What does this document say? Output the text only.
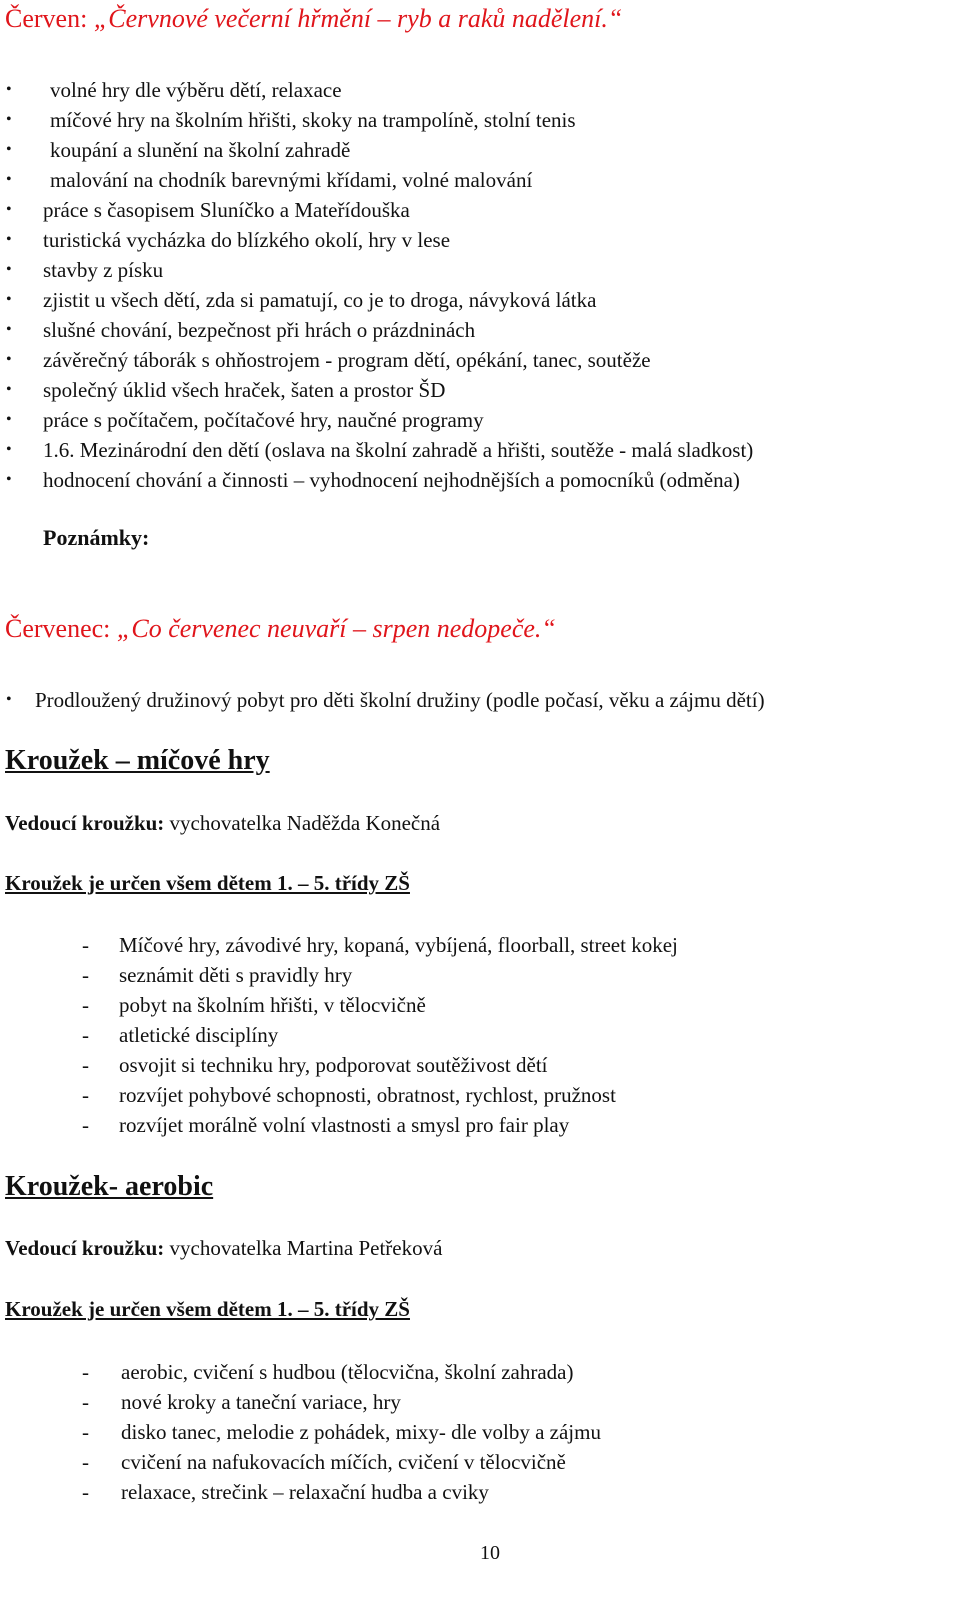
Červen: „Červnové večerní hřmění – ryb a raků nadělení.“
• volné hry dle výběru dětí, relaxace
• míčové hry na školním hřišti, skoky na trampolíně, stolní tenis
• koupání a slunění na školní zahradě
• malování na chodník barevnými křídami, volné malování
• práce s časopisem Sluníčko a Mateřídouška
• turistická vycházka do blízkého okolí, hry v lese
• stavby z písku
• zjistit u všech dětí, zda si pamatují, co je to droga, návyková látka
• slušné chování, bezpečnost při hrách o prázdninách
• závěrečný táborák s ohňostrojem - program dětí, opékání, tanec, soutěže
• společný úklid všech hraček, šaten a prostor ŠD
• práce s počítačem, počítačové hry, naučné programy
• 1.6. Mezinárodní den dětí (oslava na školní zahradě a hřišti, soutěže - malá sladkost)
• hodnocení chování a činnosti – vyhodnocení nejhodnějších a pomocníků (odměna)

Poznámky:

Červenec: „Co červenec neuvaří – srpen nedopeče.“
• Prodloužený družinový pobyt pro děti školní družiny (podle počasí, věku a zájmu dětí)
Kroužek – míčové hry

Vedoucí kroužku: vychovatelka Naděžda Konečná

Kroužek je určen všem dětem 1. – 5. třídy ZŠ

- Míčové hry, závodivé hry, kopaná, vybíjená, floorball, street kokej
- seznámit děti s pravidly hry
- pobyt na školním hřišti, v tělocvičně
- atletické disciplíny
- osvojit si techniku hry, podporovat soutěživost dětí
- rozvíjet pohybové schopnosti, obratnost, rychlost, pružnost
- rozvíjet morálně volní vlastnosti a smysl pro fair play
Kroužek- aerobic

Vedoucí kroužku: vychovatelka Martina Petřeková

Kroužek je určen všem dětem 1. – 5. třídy ZŠ

- aerobic, cvičení s hudbou (tělocvična, školní zahrada)
- nové kroky a taneční variace, hry
- disko tanec, melodie z pohádek, mixy- dle volby a zájmu
- cvičení na nafukovacích míčích, cvičení v tělocvičně
- relaxace, strečink – relaxační hudba a cviky

10
